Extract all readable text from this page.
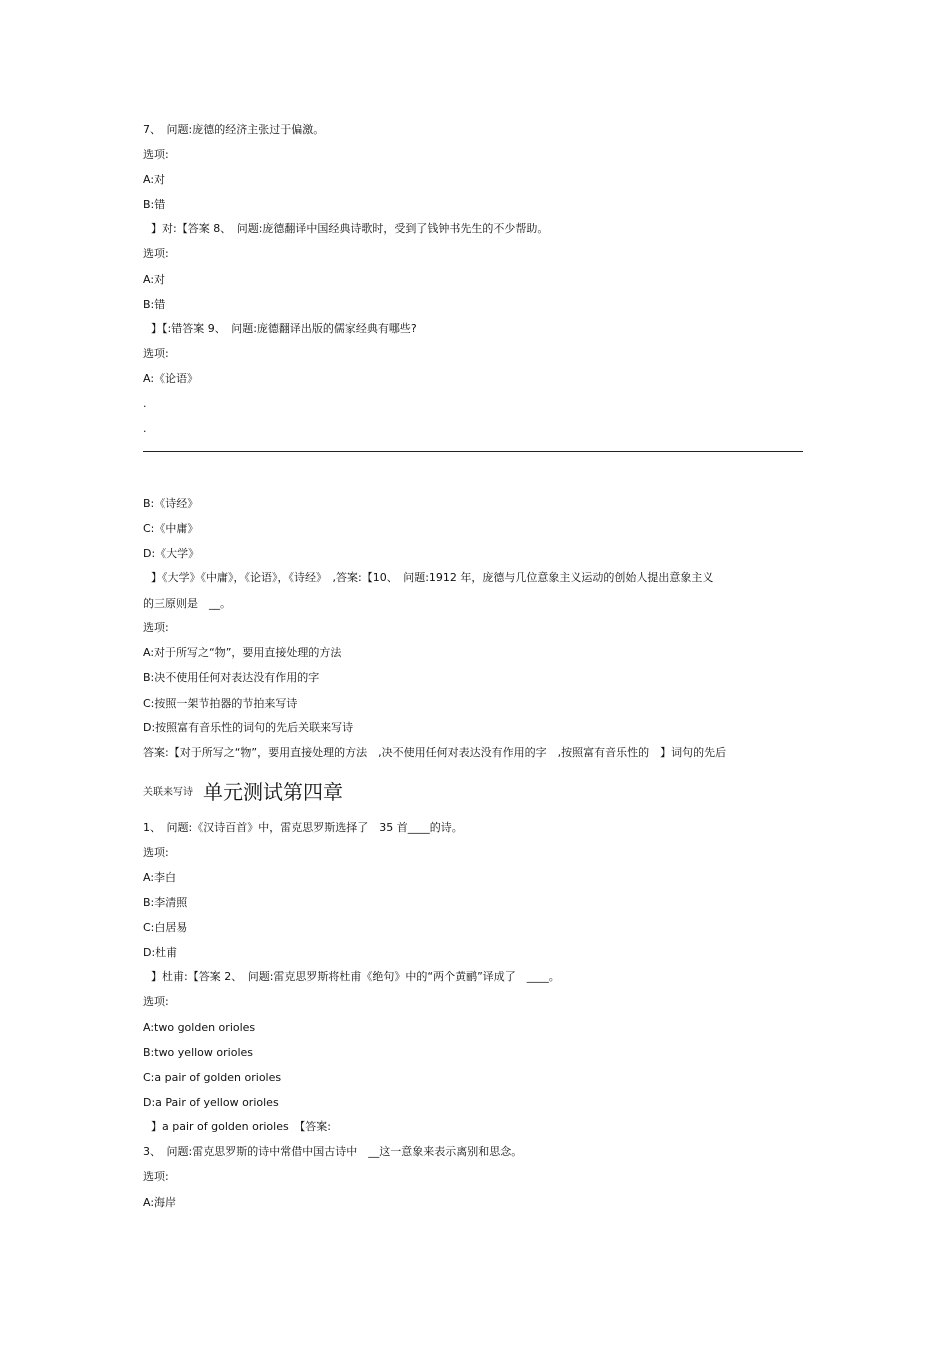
7、　问题:庞德的经济主张过于偏激。
选项:
A:对
B:错
】对:【答案 8、　问题:庞德翻译中国经典诗歌时，受到了钱钟书先生的不少帮助。
选项:
A:对
B:错
】【:错答案 9、　问题:庞德翻译出版的儒家经典有哪些?
选项:
A:《论语》
.
.
B:《诗经》
C:《中庸》
D:《大学》
】《大学》《中庸》，《论语》，《诗经》　,答案:【10、　问题:1912 年，庞德与几位意象主义运动的创始人提出意象主义
的三原则是　__。
选项:
A:对于所写之“物”，要用直接处理的方法
B:决不使用任何对表达没有作用的字
C:按照一架节拍器的节拍来写诗
D:按照富有音乐性的词句的先后关联来写诗
答案:【对于所写之“物”，要用直接处理的方法　,决不使用任何对表达没有作用的字　,按照富有音乐性的　】词句的先后
关联来写诗 单元测试第四章
1、　问题:《汉诗百首》中，雷克思罗斯选择了　35 首____的诗。
选项:
A:李白
B:李清照
C:白居易
D:杜甫
】杜甫:【答案 2、　问题:雷克思罗斯将杜甫《绝句》中的“两个黄鹂”译成了　____。
选项:
A:two golden orioles
B:two yellow orioles
C:a pair of golden orioles
D:a Pair of yellow orioles
】a pair of golden orioles　【答案:
3、　问题:雷克思罗斯的诗中常借中国古诗中　__这一意象来表示离别和思念。
选项:
A:海岸
